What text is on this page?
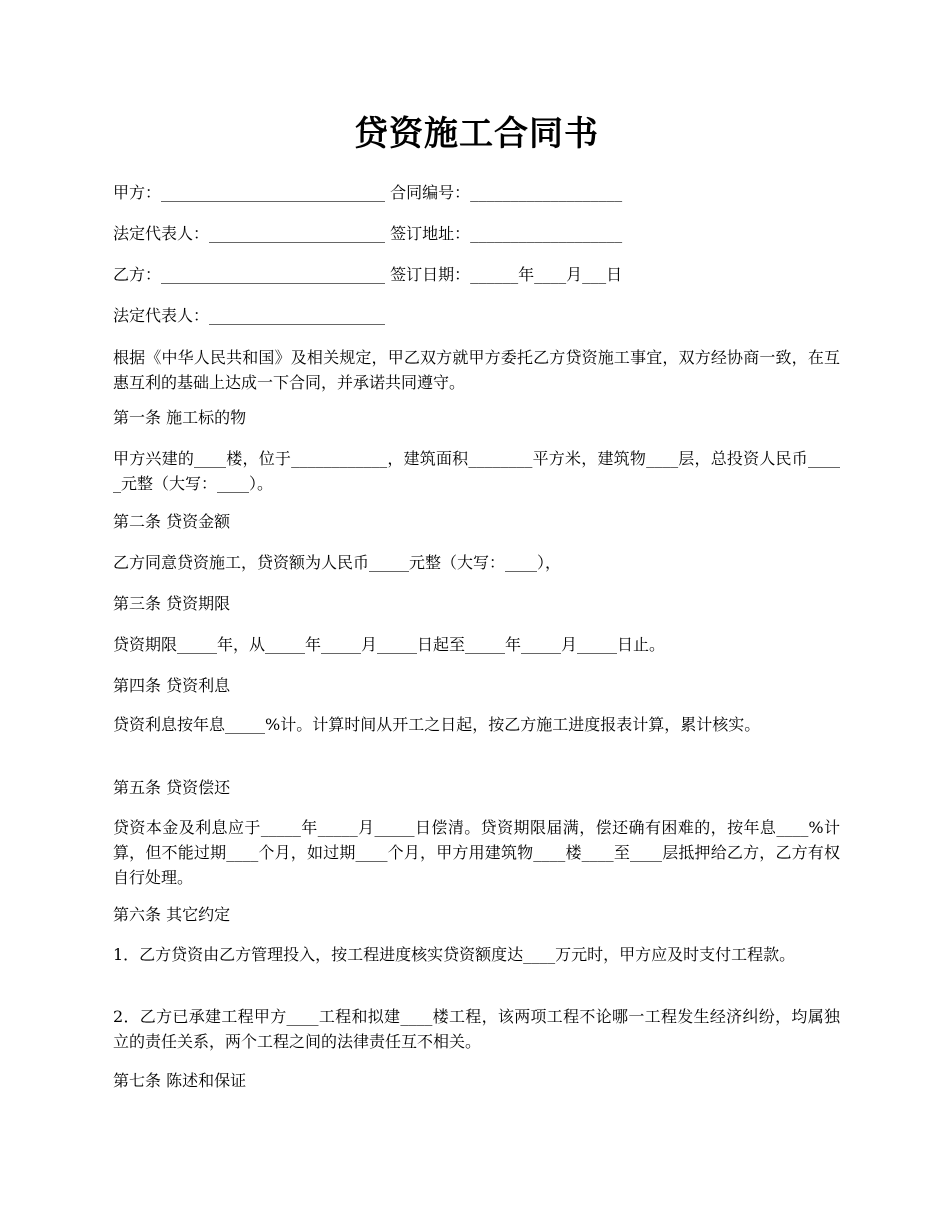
贷资施工合同书

甲方：____________________________ 合同编号：___________________

法定代表人：______________________ 签订地址：___________________

乙方：____________________________ 签订日期：______年____月___日

法定代表人：______________________

根据《中华人民共和国》及相关规定，甲乙双方就甲方委托乙方贷资施工事宜，双方经协商一致，在互惠互利的基础上达成一下合同，并承诺共同遵守。

第一条 施工标的物

甲方兴建的____楼，位于____________，建筑面积________平方米，建筑物____层，总投资人民币_____元整（大写：____）。

第二条 贷资金额

乙方同意贷资施工，贷资额为人民币_____元整（大写：____），

第三条 贷资期限

贷资期限_____年，从_____年_____月_____日起至_____年_____月_____日止。

第四条 贷资利息

贷资利息按年息_____%计。计算时间从开工之日起，按乙方施工进度报表计算，累计核实。

第五条 贷资偿还

贷资本金及利息应于_____年_____月_____日偿清。贷资期限届满，偿还确有困难的，按年息____%计算，但不能过期____个月，如过期____个月，甲方用建筑物____楼____至____层抵押给乙方，乙方有权自行处理。

第六条 其它约定

1．乙方贷资由乙方管理投入，按工程进度核实贷资额度达____万元时，甲方应及时支付工程款。

2．乙方已承建工程甲方____工程和拟建____楼工程，该两项工程不论哪一工程发生经济纠纷，均属独立的责任关系，两个工程之间的法律责任互不相关。

第七条 陈述和保证
